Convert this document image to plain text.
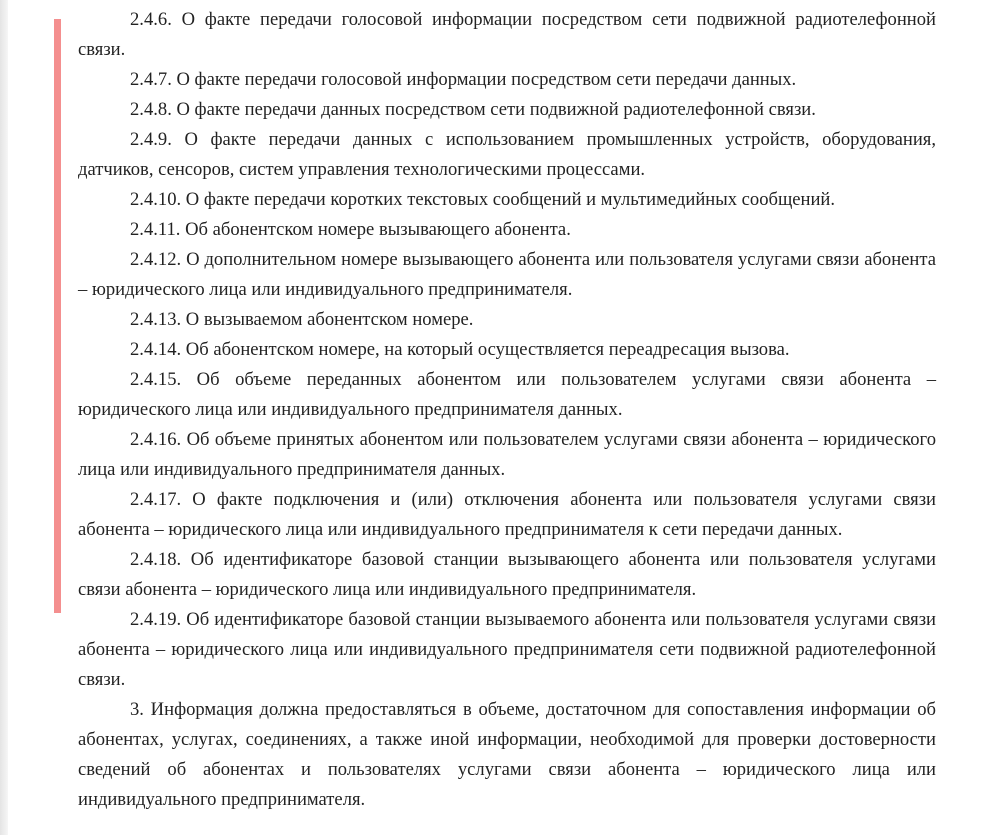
2.4.6. О факте передачи голосовой информации посредством сети подвижной радиотелефонной связи.

2.4.7. О факте передачи голосовой информации посредством сети передачи данных.

2.4.8. О факте передачи данных посредством сети подвижной радиотелефонной связи.

2.4.9. О факте передачи данных с использованием промышленных устройств, оборудования, датчиков, сенсоров, систем управления технологическими процессами.

2.4.10. О факте передачи коротких текстовых сообщений и мультимедийных сообщений.

2.4.11. Об абонентском номере вызывающего абонента.

2.4.12. О дополнительном номере вызывающего абонента или пользователя услугами связи абонента – юридического лица или индивидуального предпринимателя.

2.4.13. О вызываемом абонентском номере.

2.4.14. Об абонентском номере, на который осуществляется переадресация вызова.

2.4.15. Об объеме переданных абонентом или пользователем услугами связи абонента – юридического лица или индивидуального предпринимателя данных.

2.4.16. Об объеме принятых абонентом или пользователем услугами связи абонента – юридического лица или индивидуального предпринимателя данных.

2.4.17. О факте подключения и (или) отключения абонента или пользователя услугами связи абонента – юридического лица или индивидуального предпринимателя к сети передачи данных.

2.4.18. Об идентификаторе базовой станции вызывающего абонента или пользователя услугами связи абонента – юридического лица или индивидуального предпринимателя.

2.4.19. Об идентификаторе базовой станции вызываемого абонента или пользователя услугами связи абонента – юридического лица или индивидуального предпринимателя сети подвижной радиотелефонной связи.

3. Информация должна предоставляться в объеме, достаточном для сопоставления информации об абонентах, услугах, соединениях, а также иной информации, необходимой для проверки достоверности сведений об абонентах и пользователях услугами связи абонента – юридического лица или индивидуального предпринимателя.
